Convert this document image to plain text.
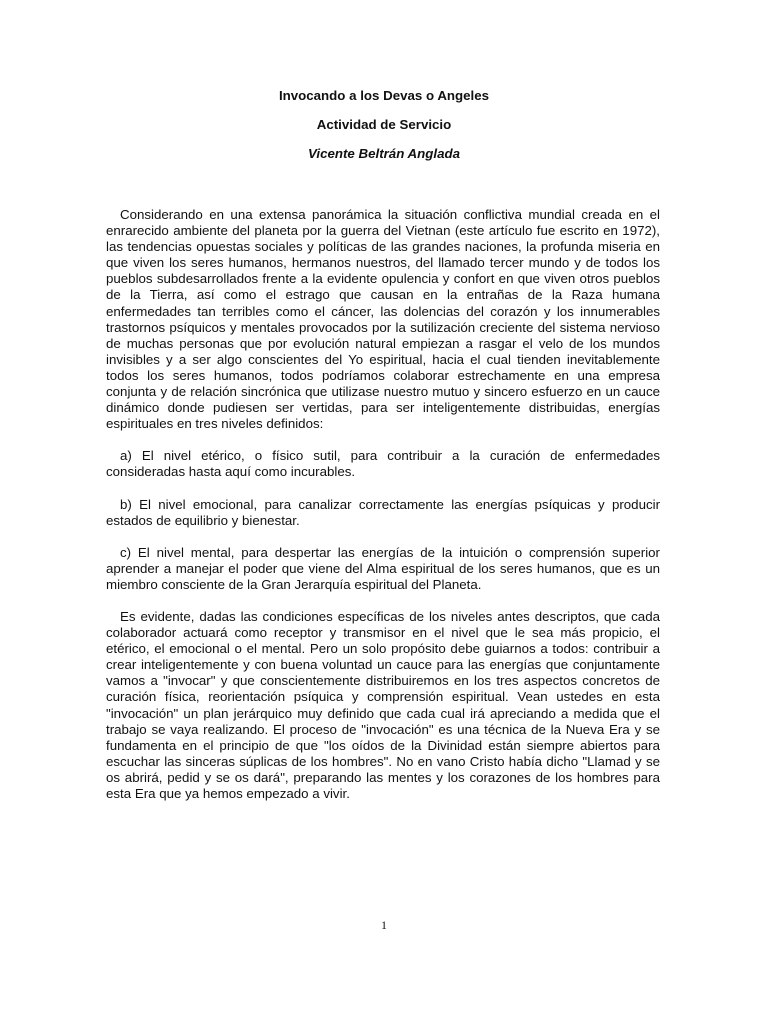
Invocando a los Devas o Angeles
Actividad de Servicio
Vicente Beltrán Anglada

Considerando en una extensa panorámica la situación conflictiva mundial creada en el enrarecido ambiente del planeta por la guerra del Vietnan (este artículo fue escrito en 1972), las tendencias opuestas sociales y políticas de las grandes naciones, la profunda miseria en que viven los seres humanos, hermanos nuestros, del llamado tercer mundo y de todos los pueblos subdesarrollados frente a la evidente opulencia y confort en que viven otros pueblos de la Tierra, así como el estrago que causan en la entrañas de la Raza humana enfermedades tan terribles como el cáncer, las dolencias del corazón y los innumerables trastornos psíquicos y mentales provocados por la sutilización creciente del sistema nervioso de muchas personas que por evolución natural empiezan a rasgar el velo de los mundos invisibles y a ser algo conscientes del Yo espiritual, hacia el cual tienden inevitablemente todos los seres humanos, todos podríamos colaborar estrechamente en una empresa conjunta y de relación sincrónica que utilizase nuestro mutuo y sincero esfuerzo en un cauce dinámico donde pudiesen ser vertidas, para ser inteligentemente distribuidas, energías espirituales en tres niveles definidos:

a) El nivel etérico, o físico sutil, para contribuir a la curación de enfermedades consideradas hasta aquí como incurables.

b) El nivel emocional, para canalizar correctamente las energías psíquicas y producir estados de equilibrio y bienestar.

c) El nivel mental, para despertar las energías de la intuición o comprensión superior aprender a manejar el poder que viene del Alma espiritual de los seres humanos, que es un miembro consciente de la Gran Jerarquía espiritual del Planeta.

Es evidente, dadas las condiciones específicas de los niveles antes descriptos, que cada colaborador actuará como receptor y transmisor en el nivel que le sea más propicio, el etérico, el emocional o el mental. Pero un solo propósito debe guiarnos a todos: contribuir a crear inteligentemente y con buena voluntad un cauce para las energías que conjuntamente vamos a "invocar" y que conscientemente distribuiremos en los tres aspectos concretos de curación física, reorientación psíquica y comprensión espiritual. Vean ustedes en esta "invocación" un plan jerárquico muy definido que cada cual irá apreciando a medida que el trabajo se vaya realizando. El proceso de "invocación" es una técnica de la Nueva Era y se fundamenta en el principio de que "los oídos de la Divinidad están siempre abiertos para escuchar las sinceras súplicas de los hombres". No en vano Cristo había dicho "Llamad y se os abrirá, pedid y se os dará", preparando las mentes y los corazones de los hombres para esta Era que ya hemos empezado a vivir.

1
